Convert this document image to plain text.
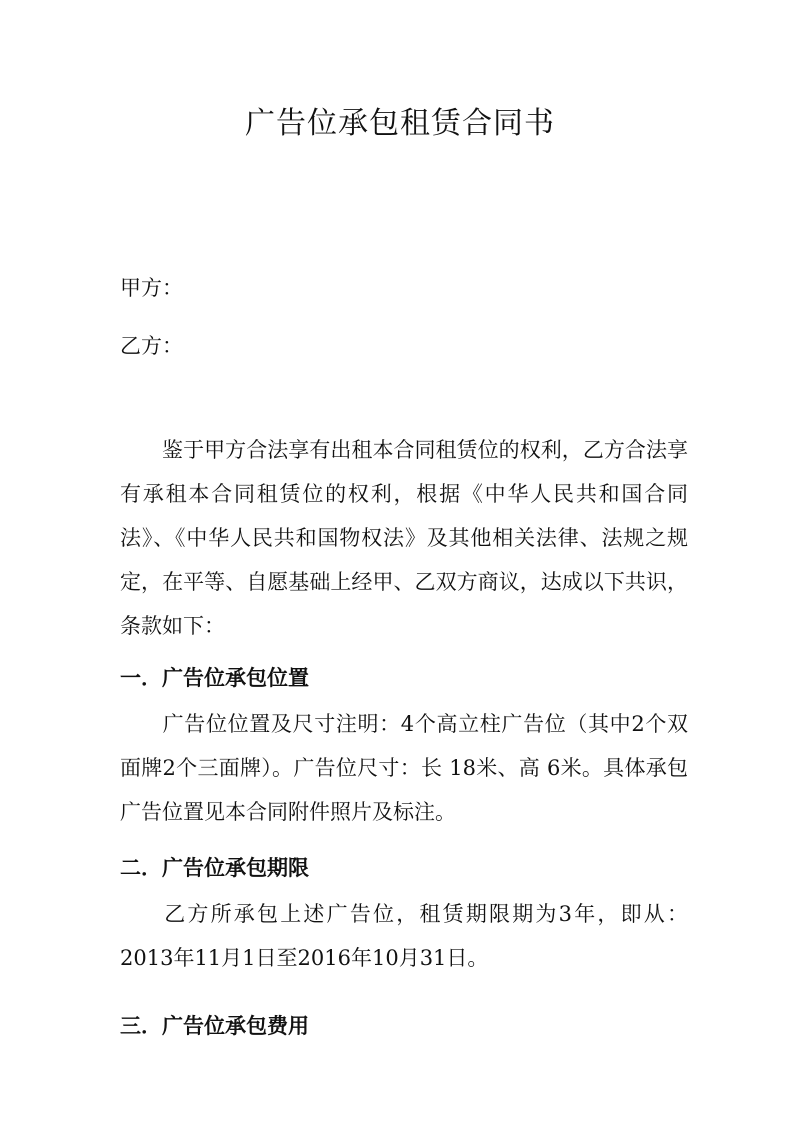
广告位承包租赁合同书
甲方：
乙方：

鉴于甲方合法享有出租本合同租赁位的权利，乙方合法享有承租本合同租赁位的权利，根据《中华人民共和国合同法》、《中华人民共和国物权法》及其他相关法律、法规之规定，在平等、自愿基础上经甲、乙双方商议，达成以下共识，条款如下：

一．广告位承包位置

广告位位置及尺寸注明：4个高立柱广告位（其中2个双面牌2个三面牌）。广告位尺寸：长 18米、高 6米。具体承包广告位置见本合同附件照片及标注。

二．广告位承包期限

乙方所承包上述广告位，租赁期限期为3年，即从：2013年11月1日至2016年10月31日。

三．广告位承包费用
